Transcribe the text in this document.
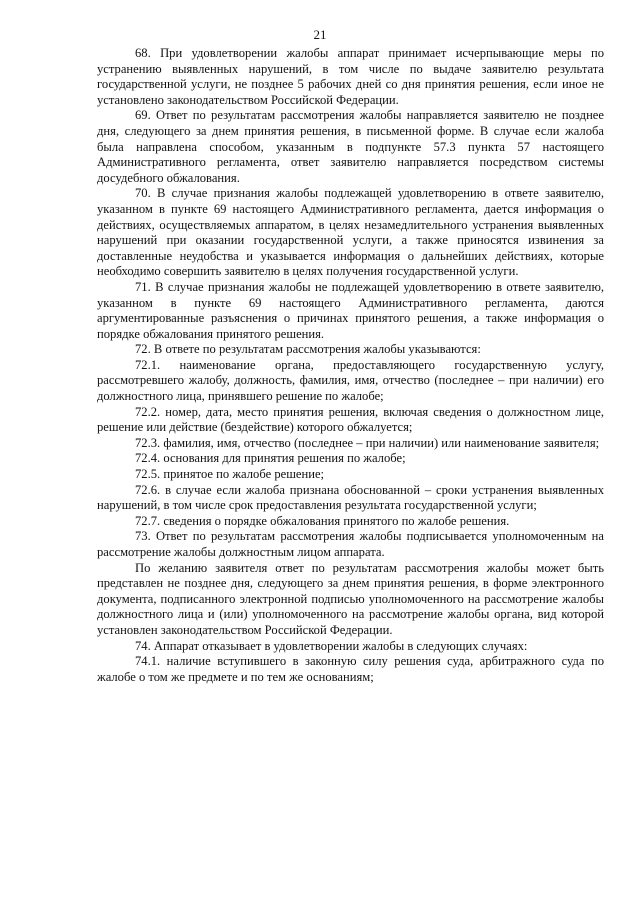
21

68. При удовлетворении жалобы аппарат принимает исчерпывающие меры по устранению выявленных нарушений, в том числе по выдаче заявителю результата государственной услуги, не позднее 5 рабочих дней со дня принятия решения, если иное не установлено законодательством Российской Федерации.

69. Ответ по результатам рассмотрения жалобы направляется заявителю не позднее дня, следующего за днем принятия решения, в письменной форме. В случае если жалоба была направлена способом, указанным в подпункте 57.3 пункта 57 настоящего Административного регламента, ответ заявителю направляется посредством системы досудебного обжалования.

70. В случае признания жалобы подлежащей удовлетворению в ответе заявителю, указанном в пункте 69 настоящего Административного регламента, дается информация о действиях, осуществляемых аппаратом, в целях незамедлительного устранения выявленных нарушений при оказании государственной услуги, а также приносятся извинения за доставленные неудобства и указывается информация о дальнейших действиях, которые необходимо совершить заявителю в целях получения государственной услуги.

71. В случае признания жалобы не подлежащей удовлетворению в ответе заявителю, указанном в пункте 69 настоящего Административного регламента, даются аргументированные разъяснения о причинах принятого решения, а также информация о порядке обжалования принятого решения.

72. В ответе по результатам рассмотрения жалобы указываются:

72.1. наименование органа, предоставляющего государственную услугу, рассмотревшего жалобу, должность, фамилия, имя, отчество (последнее – при наличии) его должностного лица, принявшего решение по жалобе;

72.2. номер, дата, место принятия решения, включая сведения о должностном лице, решение или действие (бездействие) которого обжалуется;

72.3. фамилия, имя, отчество (последнее – при наличии) или наименование заявителя;

72.4. основания для принятия решения по жалобе;

72.5. принятое по жалобе решение;

72.6. в случае если жалоба признана обоснованной – сроки устранения выявленных нарушений, в том числе срок предоставления результата государственной услуги;

72.7. сведения о порядке обжалования принятого по жалобе решения.

73. Ответ по результатам рассмотрения жалобы подписывается уполномоченным на рассмотрение жалобы должностным лицом аппарата.

По желанию заявителя ответ по результатам рассмотрения жалобы может быть представлен не позднее дня, следующего за днем принятия решения, в форме электронного документа, подписанного электронной подписью уполномоченного на рассмотрение жалобы должностного лица и (или) уполномоченного на рассмотрение жалобы органа, вид которой установлен законодательством Российской Федерации.

74. Аппарат отказывает в удовлетворении жалобы в следующих случаях:

74.1. наличие вступившего в законную силу решения суда, арбитражного суда по жалобе о том же предмете и по тем же основаниям;
